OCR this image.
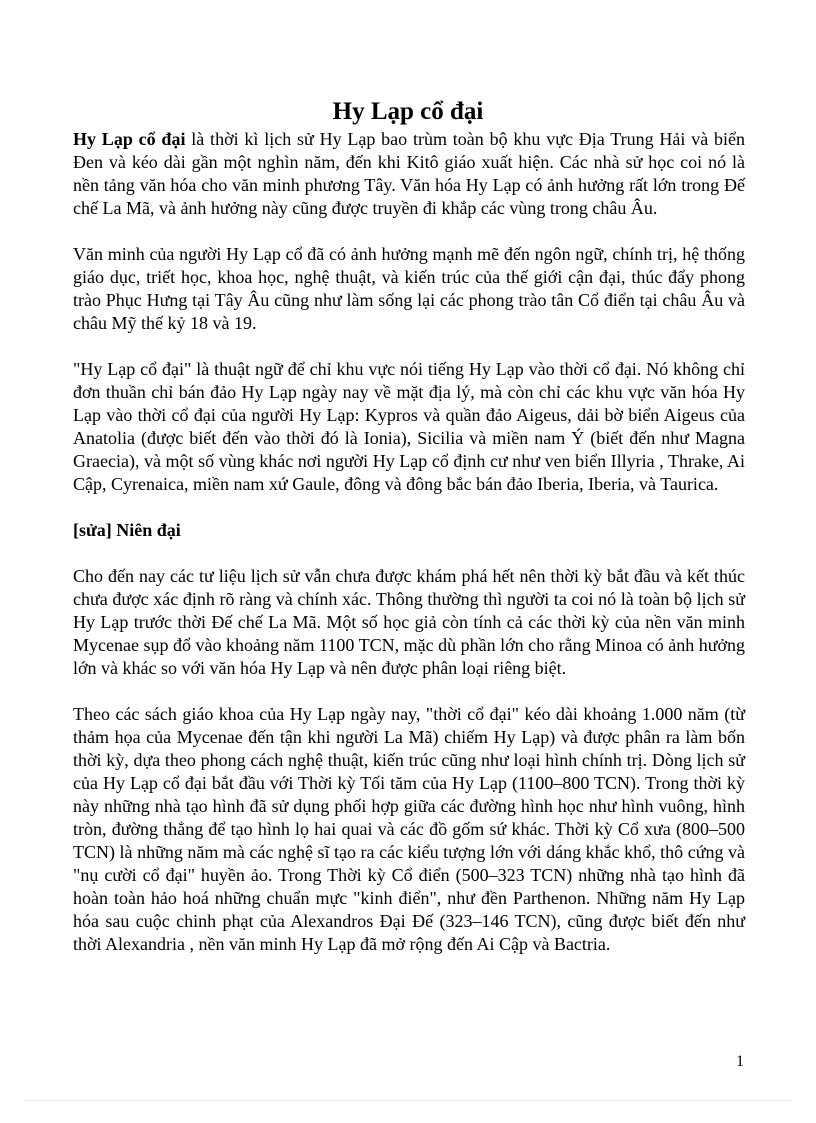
Hy Lạp cổ đại

Hy Lạp cổ đại là thời kì lịch sử Hy Lạp bao trùm toàn bộ khu vực Địa Trung Hải và biển Đen và kéo dài gần một nghìn năm, đến khi Kitô giáo xuất hiện. Các nhà sử học coi nó là nền tảng văn hóa cho văn minh phương Tây. Văn hóa Hy Lạp có ảnh hưởng rất lớn trong Đế chế La Mã, và ảnh hưởng này cũng được truyền đi khắp các vùng trong châu Âu.

Văn minh của người Hy Lạp cổ đã có ảnh hưởng mạnh mẽ đến ngôn ngữ, chính trị, hệ thống giáo dục, triết học, khoa học, nghệ thuật, và kiến trúc của thế giới cận đại, thúc đẩy phong trào Phục Hưng tại Tây Âu cũng như làm sống lại các phong trào tân Cổ điển tại châu Âu và châu Mỹ thế kỷ 18 và 19.

"Hy Lạp cổ đại" là thuật ngữ để chỉ khu vực nói tiếng Hy Lạp vào thời cổ đại. Nó không chỉ đơn thuần chỉ bán đảo Hy Lạp ngày nay về mặt địa lý, mà còn chỉ các khu vực văn hóa Hy Lạp vào thời cổ đại của người Hy Lạp: Kypros và quần đảo Aigeus, dải bờ biển Aigeus của Anatolia (được biết đến vào thời đó là Ionia), Sicilia và miền nam Ý (biết đến như Magna Graecia), và một số vùng khác nơi người Hy Lạp cổ định cư như ven biển Illyria , Thrake, Ai Cập, Cyrenaica, miền nam xứ Gaule, đông và đông bắc bán đảo Iberia, Iberia, và Taurica.

[sửa] Niên đại

Cho đến nay các tư liệu lịch sử vẫn chưa được khám phá hết nên thời kỳ bắt đầu và kết thúc chưa được xác định rõ ràng và chính xác. Thông thường thì người ta coi nó là toàn bộ lịch sử Hy Lạp trước thời Đế chế La Mã. Một số học giả còn tính cả các thời kỳ của nền văn minh Mycenae sụp đổ vào khoảng năm 1100 TCN, mặc dù phần lớn cho rằng Minoa có ảnh hưởng lớn và khác so với văn hóa Hy Lạp và nên được phân loại riêng biệt.

Theo các sách giáo khoa của Hy Lạp ngày nay, "thời cổ đại" kéo dài khoảng 1.000 năm (từ thảm họa của Mycenae đến tận khi người La Mã) chiếm Hy Lạp) và được phân ra làm bốn thời kỳ, dựa theo phong cách nghệ thuật, kiến trúc cũng như loại hình chính trị. Dòng lịch sử của Hy Lạp cổ đại bắt đầu với Thời kỳ Tối tăm của Hy Lạp (1100–800 TCN). Trong thời kỳ này những nhà tạo hình đã sử dụng phối hợp giữa các đường hình học như hình vuông, hình tròn, đường thẳng để tạo hình lọ hai quai và các đồ gốm sứ khác. Thời kỳ Cổ xưa (800–500 TCN) là những năm mà các nghệ sĩ tạo ra các kiểu tượng lớn với dáng khắc khổ, thô cứng và "nụ cười cổ đại" huyền ảo. Trong Thời kỳ Cổ điển (500–323 TCN) những nhà tạo hình đã hoàn toàn hảo hoá những chuẩn mực "kinh điển", như đền Parthenon. Những năm Hy Lạp hóa sau cuộc chinh phạt của Alexandros Đại Đế (323–146 TCN), cũng được biết đến như thời Alexandria , nền văn minh Hy Lạp đã mở rộng đến Ai Cập và Bactria.

1
